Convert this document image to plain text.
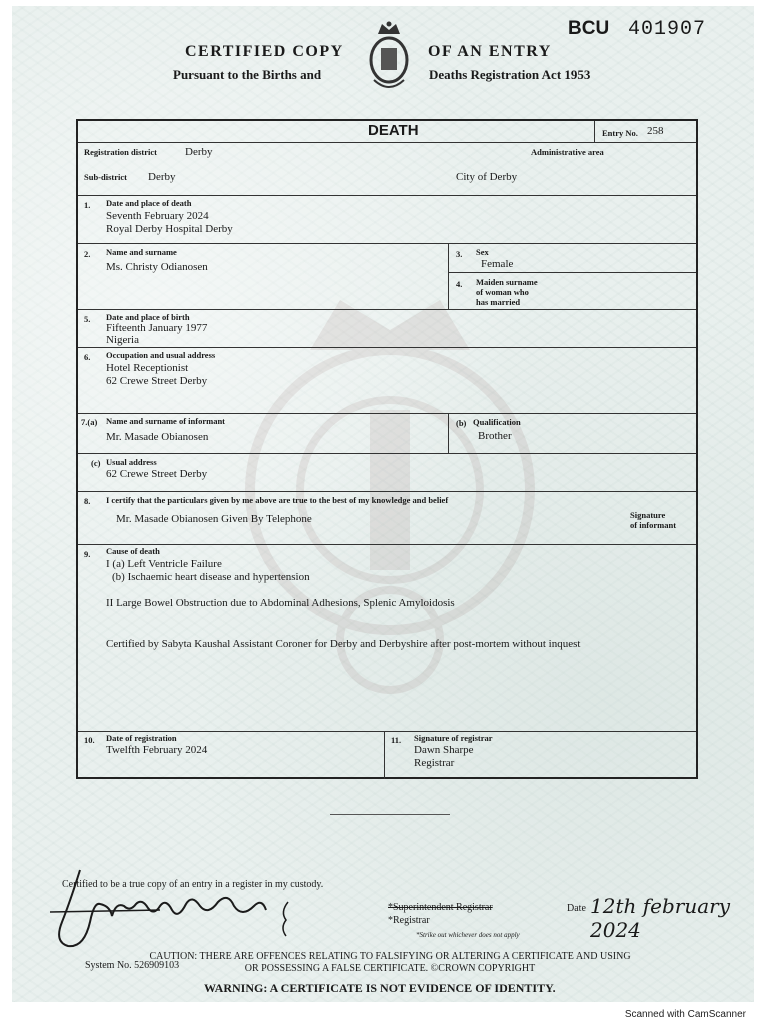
CERTIFIED COPY	OF AN ENTRY
Pursuant to the Births and	Deaths Registration Act 1953
BCU 401907
DEATH	Entry No. 258
Registration district	Derby	Administrative area
Sub-district Derby	City of Derby
1. Date and place of death
Seventh February 2024
Royal Derby Hospital Derby
2. Name and surname
Ms. Christy Odianosen
3. Sex
Female
4. Maiden surname
of woman who
has married
5. Date and place of birth
Fifteenth January 1977
Nigeria
6. Occupation and usual address
Hotel Receptionist
62 Crewe Street Derby
7.(a) Name and surname of informant
Mr. Masade Obianosen
(b) Qualification
Brother
(c) Usual address
62 Crewe Street Derby
8. I certify that the particulars given by me above are true to the best of my knowledge and belief
Mr. Masade Obianosen Given By Telephone	Signature
of informant
9. Cause of death
I (a) Left Ventricle Failure
(b) Ischaemic heart disease and hypertension
II Large Bowel Obstruction due to Abdominal Adhesions, Splenic Amyloidosis
Certified by Sabyta Kaushal Assistant Coroner for Derby and Derbyshire after post-mortem without inquest
10. Date of registration
Twelfth February 2024
11. Signature of registrar
Dawn Sharpe
Registrar
Certified to be a true copy of an entry in a register in my custody.
*Superintendent Registrar
*Registrar
*Strike out whichever does not apply
Date 12th february 2024
System No. 526909103
CAUTION: THERE ARE OFFENCES RELATING TO FALSIFYING OR ALTERING A CERTIFICATE AND USING
OR POSSESSING A FALSE CERTIFICATE. ©CROWN COPYRIGHT
WARNING: A CERTIFICATE IS NOT EVIDENCE OF IDENTITY.
Scanned with CamScanner
